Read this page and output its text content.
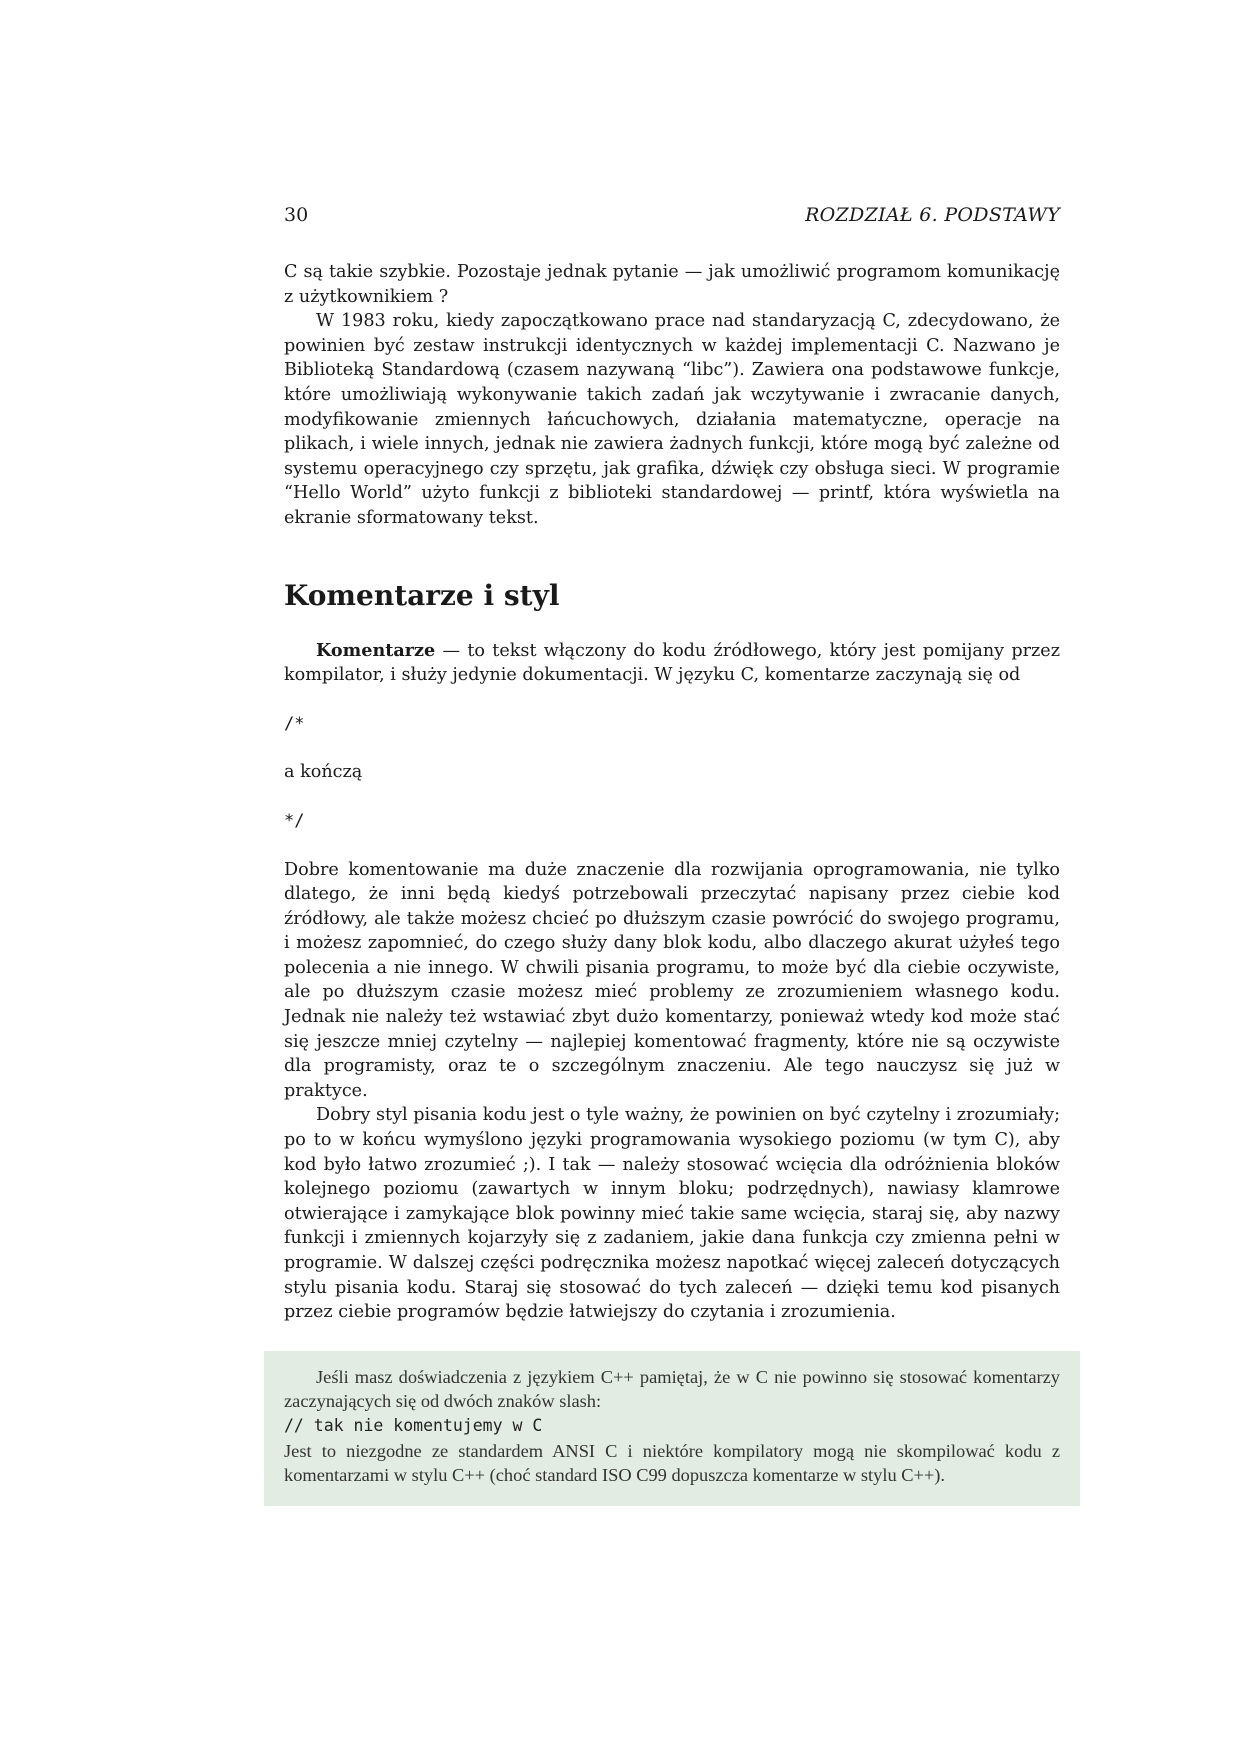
30	ROZDZIAŁ 6. PODSTAWY

C są takie szybkie. Pozostaje jednak pytanie — jak umożliwić programom komunikację z użytkownikiem ?

W 1983 roku, kiedy zapoczątkowano prace nad standaryzacją C, zdecydowano, że powinien być zestaw instrukcji identycznych w każdej implementacji C. Nazwano je Biblioteką Standardową (czasem nazywaną “libc”). Zawiera ona podstawowe funkcje, które umożliwiają wykonywanie takich zadań jak wczytywanie i zwracanie danych, modyfikowanie zmiennych łańcuchowych, działania matematyczne, operacje na plikach, i wiele innych, jednak nie zawiera żadnych funkcji, które mogą być zależne od systemu operacyjnego czy sprzętu, jak grafika, dźwięk czy obsługa sieci. W programie “Hello World” użyto funkcji z biblioteki standardowej — printf, która wyświetla na ekranie sformatowany tekst.

Komentarze i styl

Komentarze — to tekst włączony do kodu źródłowego, który jest pomijany przez kompilator, i służy jedynie dokumentacji. W języku C, komentarze zaczynają się od

/*

a kończą

*/

Dobre komentowanie ma duże znaczenie dla rozwijania oprogramowania, nie tylko dlatego, że inni będą kiedyś potrzebowali przeczytać napisany przez ciebie kod źródłowy, ale także możesz chcieć po dłuższym czasie powrócić do swojego programu, i możesz zapomnieć, do czego służy dany blok kodu, albo dlaczego akurat użyłeś tego polecenia a nie innego. W chwili pisania programu, to może być dla ciebie oczywiste, ale po dłuższym czasie możesz mieć problemy ze zrozumieniem własnego kodu. Jednak nie należy też wstawiać zbyt dużo komentarzy, ponieważ wtedy kod może stać się jeszcze mniej czytelny — najlepiej komentować fragmenty, które nie są oczywiste dla programisty, oraz te o szczególnym znaczeniu. Ale tego nauczysz się już w praktyce.

Dobry styl pisania kodu jest o tyle ważny, że powinien on być czytelny i zrozumiały; po to w końcu wymyślono języki programowania wysokiego poziomu (w tym C), aby kod było łatwo zrozumieć ;). I tak — należy stosować wcięcia dla odróżnienia bloków kolejnego poziomu (zawartych w innym bloku; podrzędnych), nawiasy klamrowe otwierające i zamykające blok powinny mieć takie same wcięcia, staraj się, aby nazwy funkcji i zmiennych kojarzyły się z zadaniem, jakie dana funkcja czy zmienna pełni w programie. W dalszej części podręcznika możesz napotkać więcej zaleceń dotyczących stylu pisania kodu. Staraj się stosować do tych zaleceń — dzięki temu kod pisanych przez ciebie programów będzie łatwiejszy do czytania i zrozumienia.

Jeśli masz doświadczenia z językiem C++ pamiętaj, że w C nie powinno się stosować komentarzy zaczynających się od dwóch znaków slash:

// tak nie komentujemy w C

Jest to niezgodne ze standardem ANSI C i niektóre kompilatory mogą nie skompilować kodu z komentarzami w stylu C++ (choć standard ISO C99 dopuszcza komentarze w stylu C++).
